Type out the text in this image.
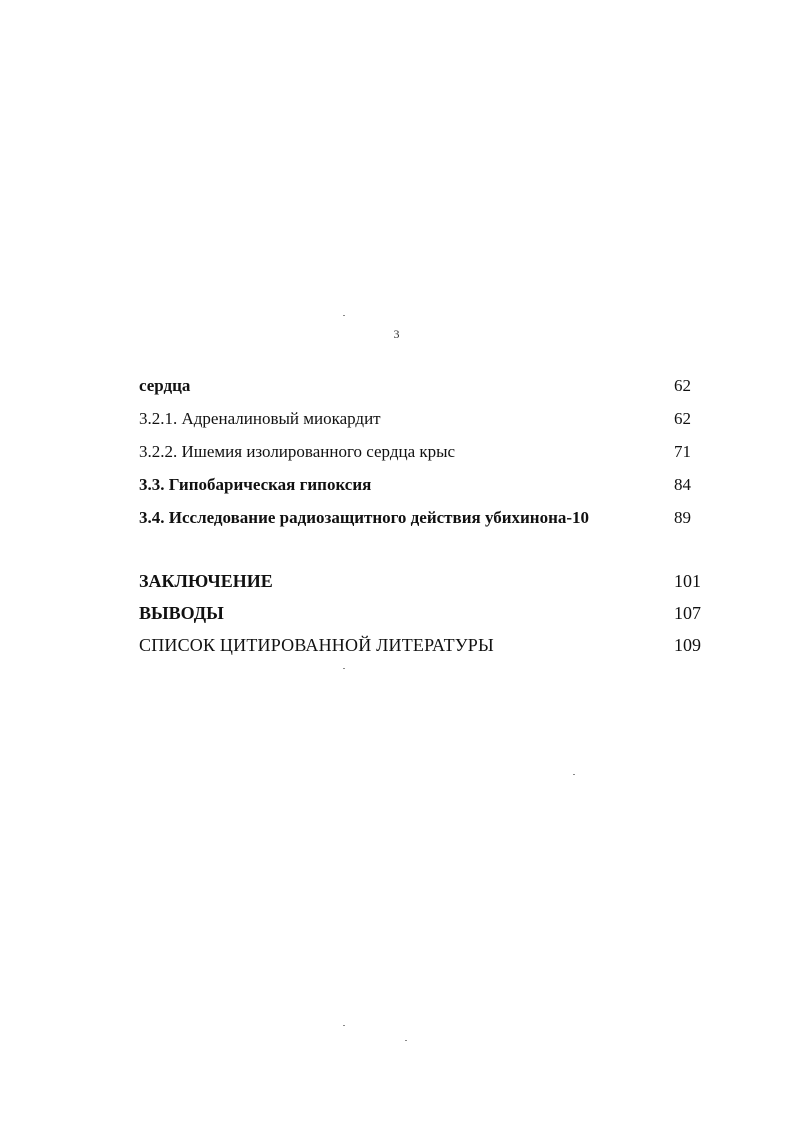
3
сердца	62
3.2.1. Адреналиновый миокардит	62
3.2.2. Ишемия изолированного сердца крыс	71
3.3. Гипобарическая гипоксия	84
3.4. Исследование радиозащитного действия убихинона-10	89
ЗАКЛЮЧЕНИЕ	101
ВЫВОДЫ	107
СПИСОК ЦИТИРОВАННОЙ ЛИТЕРАТУРЫ	109
